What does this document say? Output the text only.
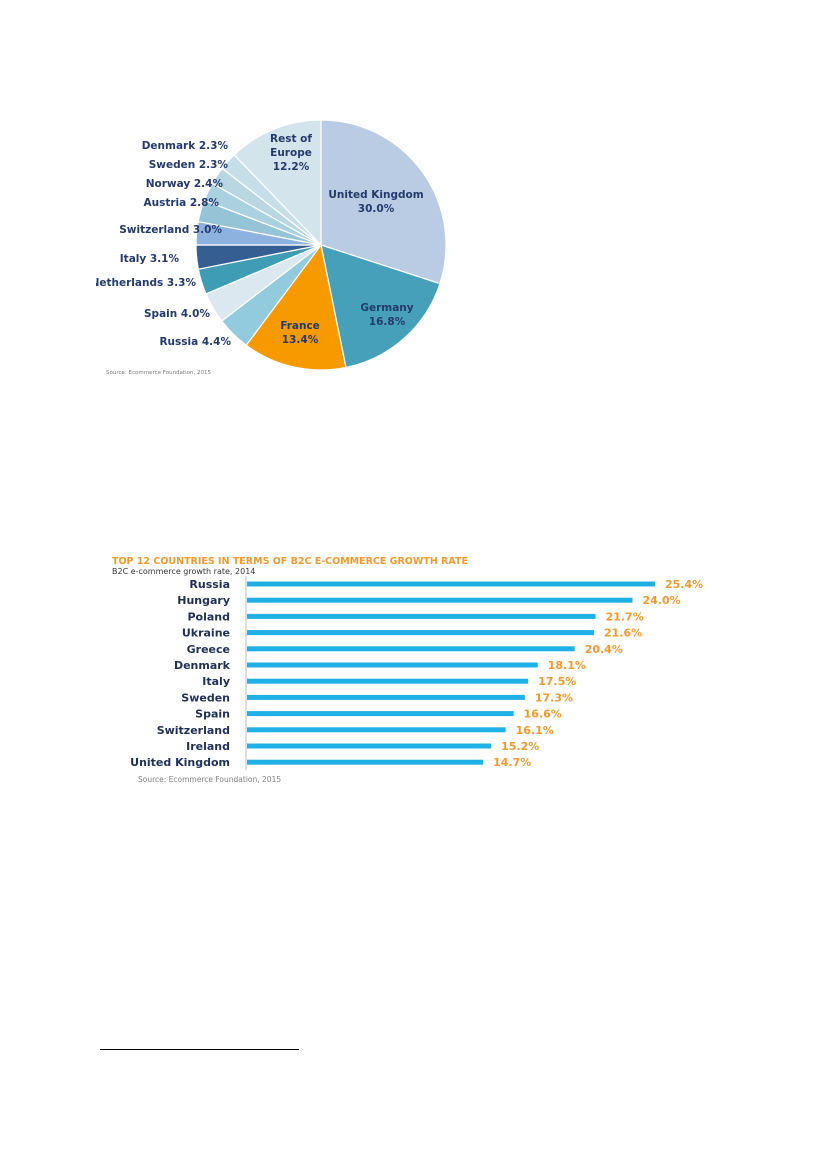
United Kingdom 30.0%
Germany 16.8%
France 13.4%
Russia 4.4%
Spain 4.0%
Netherlands 3.3%
Italy 3.1%
Switzerland 3.0%
Austria 2.8%
Norway 2.4%
Sweden 2.3%
Denmark 2.3%
Rest of Europe 12.2%
Source: Ecommerce Foundation, 2015
TOP 12 COUNTRIES IN TERMS OF B2C E-COMMERCE GROWTH RATE
B2C e-commerce growth rate, 2014
Russia	25.4%
Hungary	24.0%
Poland	21.7%
Ukraine	21.6%
Greece	20.4%
Denmark	18.1%
Italy	17.5%
Sweden	17.3%
Spain	16.6%
Switzerland	16.1%
Ireland	15.2%
United Kingdom	14.7%
Source: Ecommerce Foundation, 2015
